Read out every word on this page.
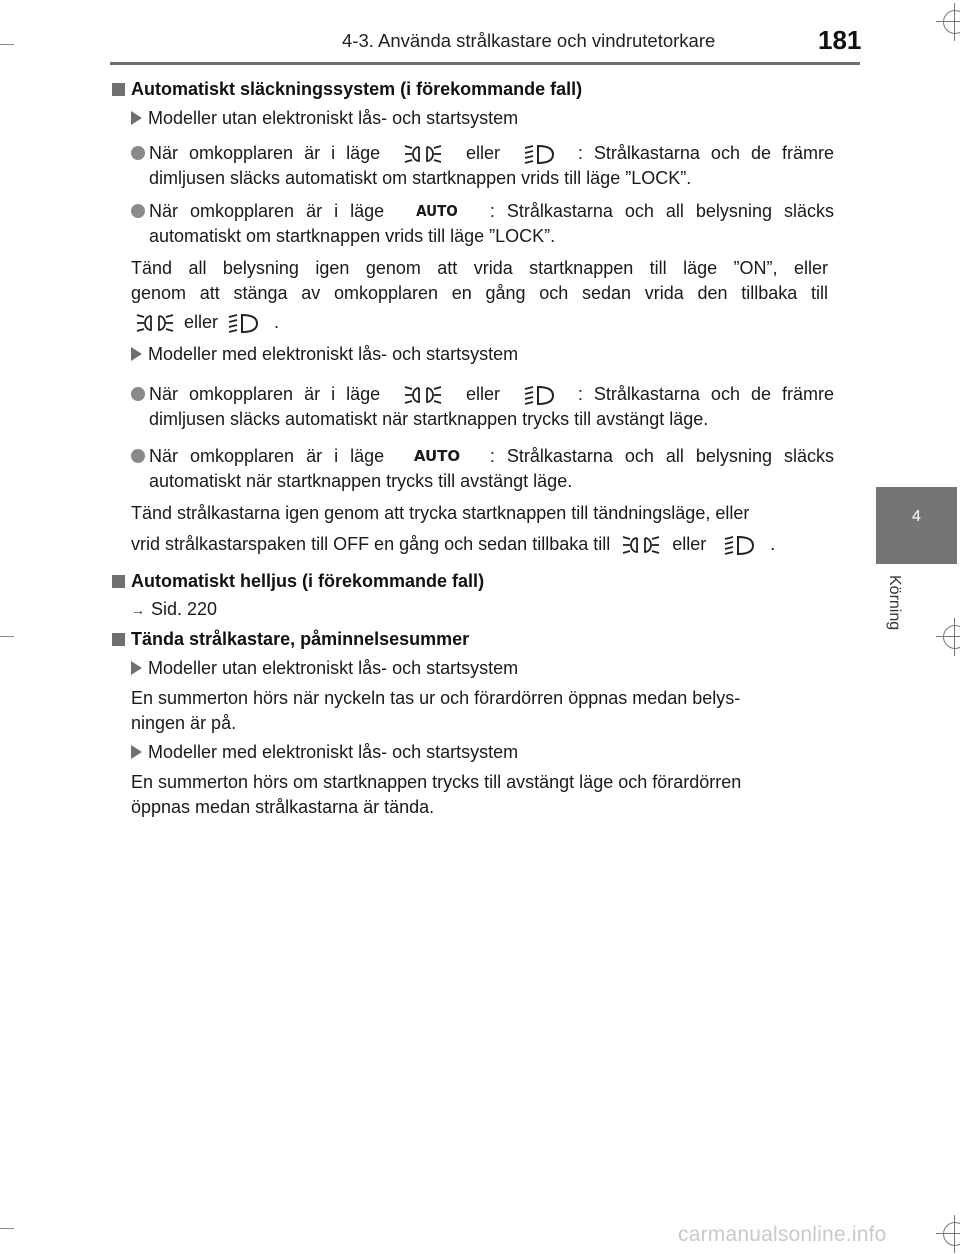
4-3. Använda strålkastare och vindrutetorkare	181
4
Körning
Automatiskt släckningssystem (i förekommande fall)
Modeller utan elektroniskt lås- och startsystem
När omkopplaren är i läge	eller	: Strålkastarna och de främre
dimljusen släcks automatiskt om startknappen vrids till läge ”LOCK”.
När omkopplaren är i läge AUTO : Strålkastarna och all belysning släcks
automatiskt om startknappen vrids till läge ”LOCK”.
Tänd all belysning igen genom att vrida startknappen till läge ”ON”, eller
genom att stänga av omkopplaren en gång och sedan vrida den tillbaka till
eller	.
Modeller med elektroniskt lås- och startsystem
När omkopplaren är i läge	eller	: Strålkastarna och de främre
dimljusen släcks automatiskt när startknappen trycks till avstängt läge.
När omkopplaren är i läge AUTO : Strålkastarna och all belysning släcks
automatiskt när startknappen trycks till avstängt läge.
Tänd strålkastarna igen genom att trycka startknappen till tändningsläge, eller
vrid strålkastarspaken till OFF en gång och sedan tillbaka till	eller	.
Automatiskt helljus (i förekommande fall)
→ Sid. 220
Tända strålkastare, påminnelsesummer
Modeller utan elektroniskt lås- och startsystem
En summerton hörs när nyckeln tas ur och förardörren öppnas medan belys-
ningen är på.
Modeller med elektroniskt lås- och startsystem
En summerton hörs om startknappen trycks till avstängt läge och förardörren
öppnas medan strålkastarna är tända.
carmanualsonline.info
